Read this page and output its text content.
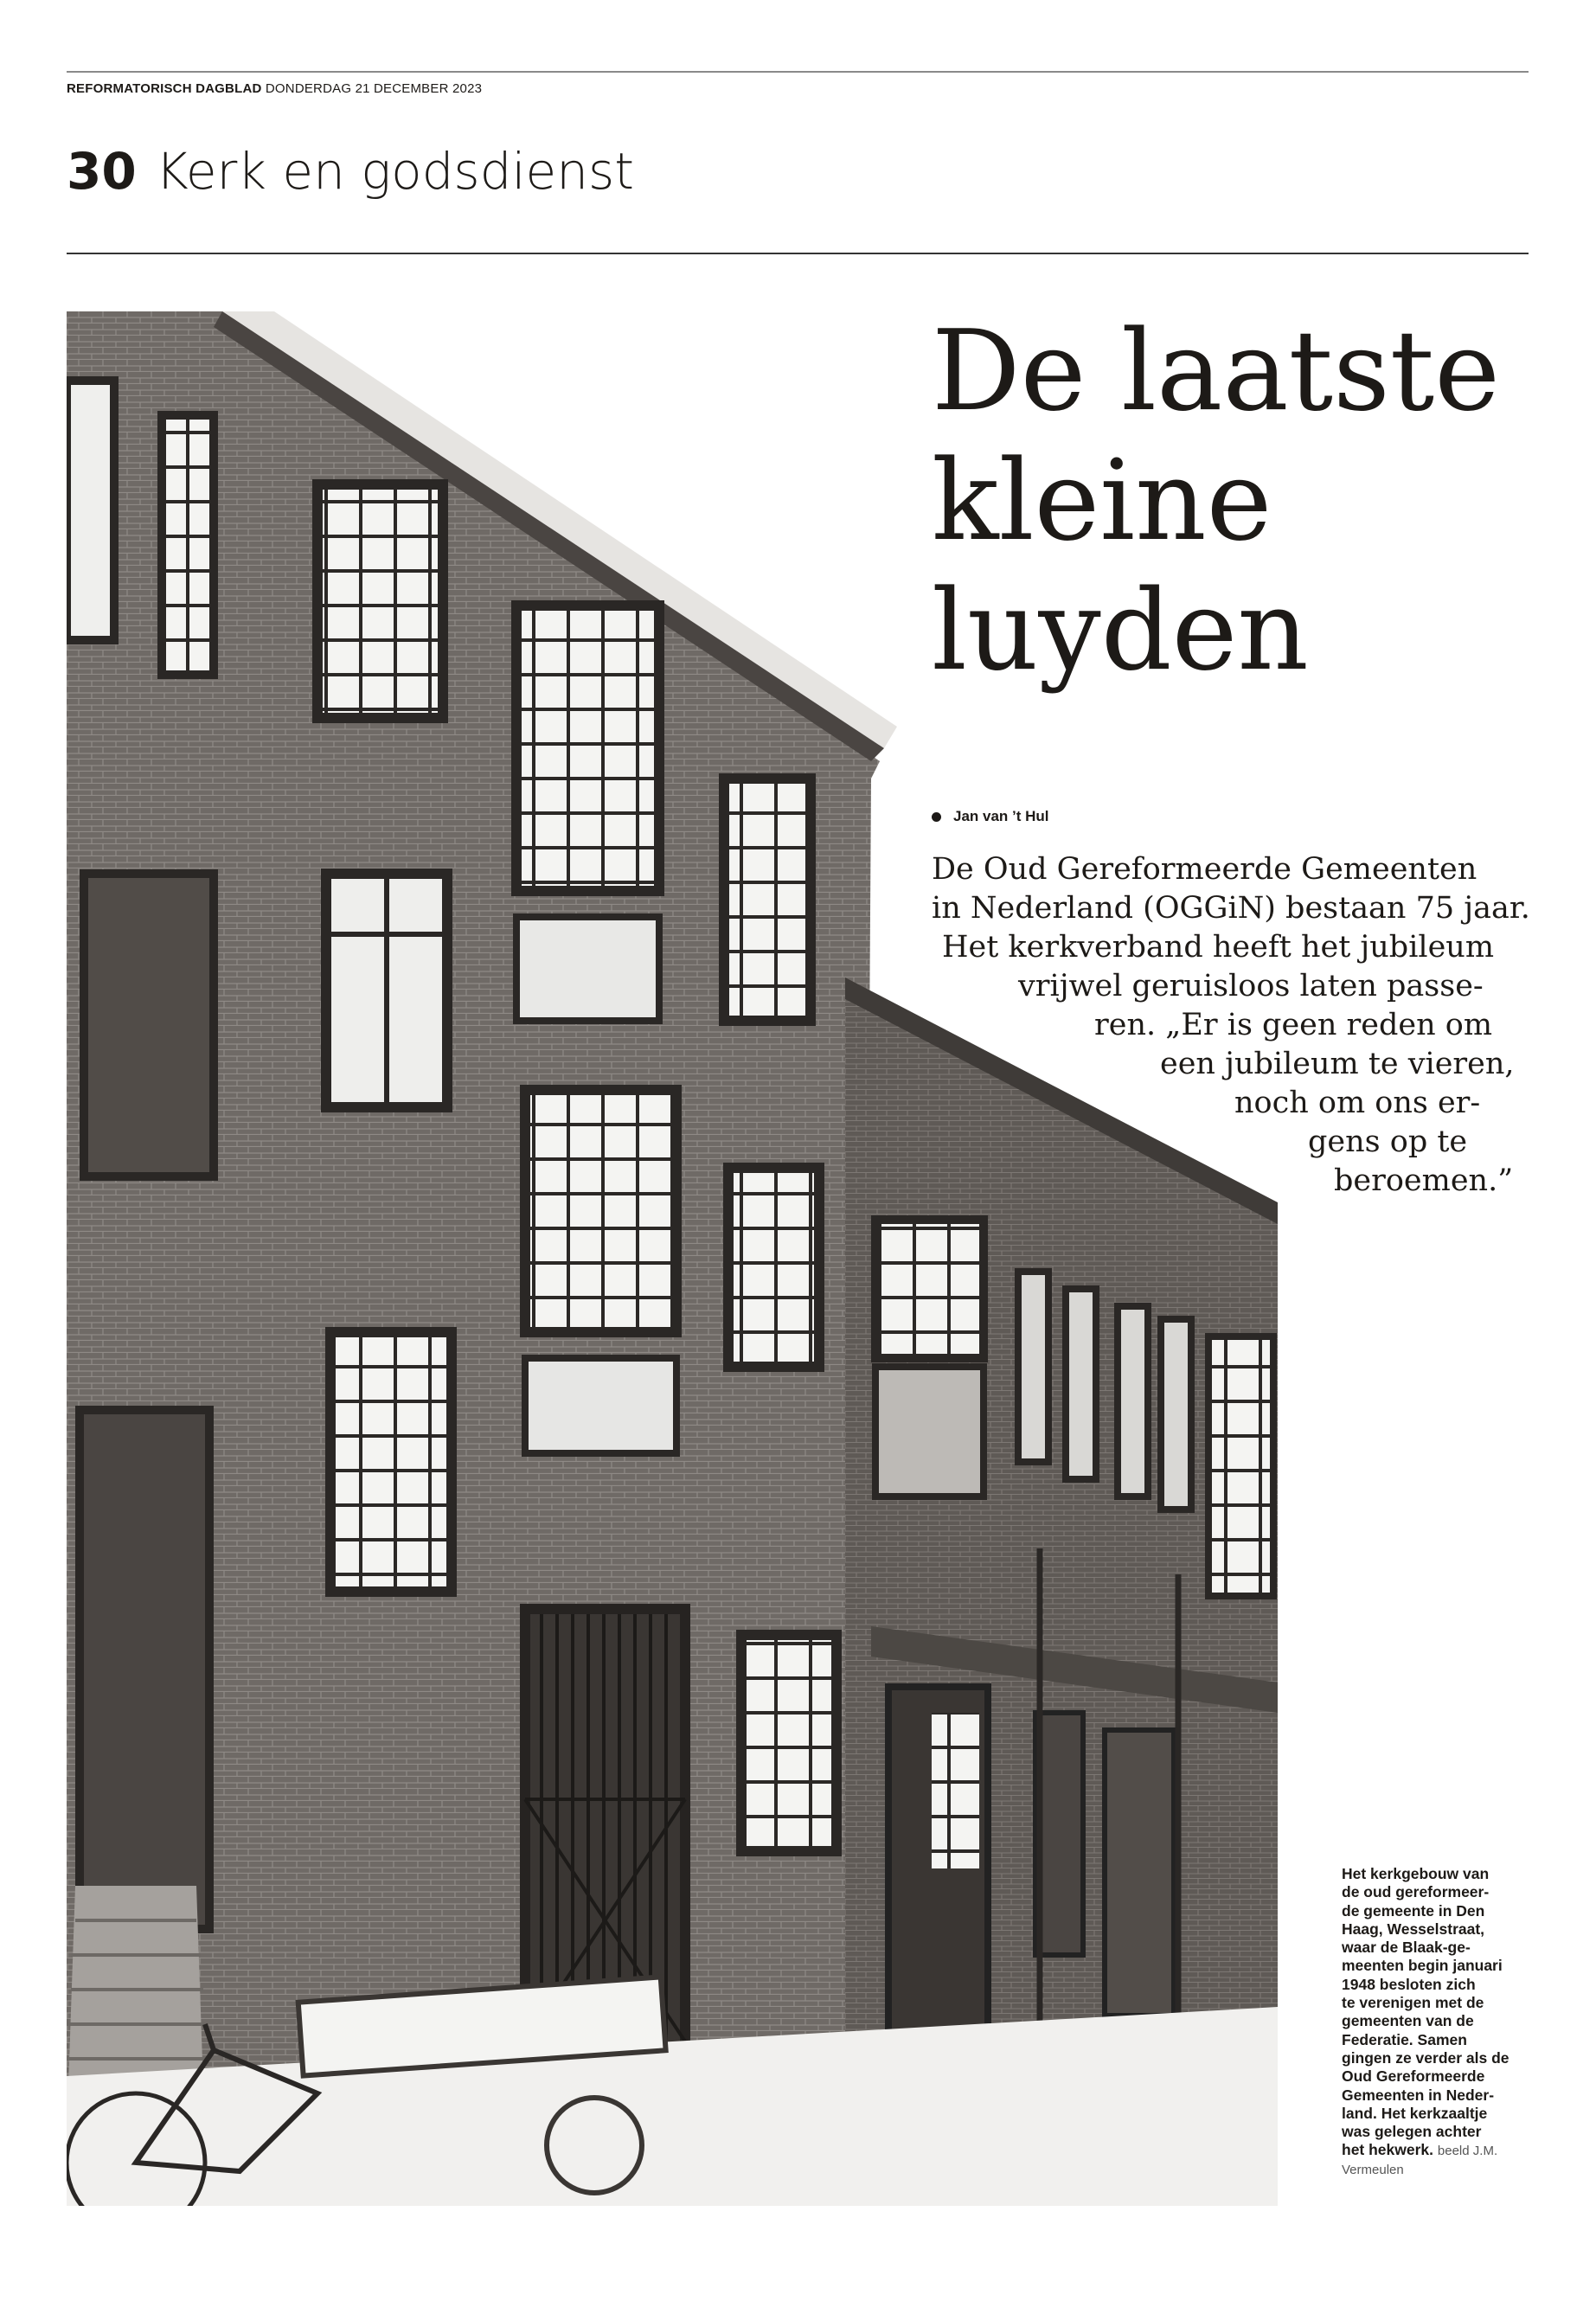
REFORMATORISCH DAGBLAD DONDERDAG 21 DECEMBER 2023
30 Kerk en godsdienst
De laatste
kleine
luyden
Jan van ’t Hul
De Oud Gereformeerde Gemeenten
in Nederland (OGGiN) bestaan 75 jaar.
Het kerkverband heeft het jubileum
vrijwel geruisloos laten passe-
ren. „Er is geen reden om
een jubileum te vieren,
noch om ons er-
gens op te
beroemen.”
Het kerkgebouw van
de oud gereformeer-
de gemeente in Den
Haag, Wesselstraat,
waar de Blaak-ge-
meenten begin januari
1948 besloten zich
te verenigen met de
gemeenten van de
Federatie. Samen
gingen ze verder als de
Oud Gereformeerde
Gemeenten in Neder-
land. Het kerkzaaltje
was gelegen achter
het hekwerk. beeld J.M.
Vermeulen
